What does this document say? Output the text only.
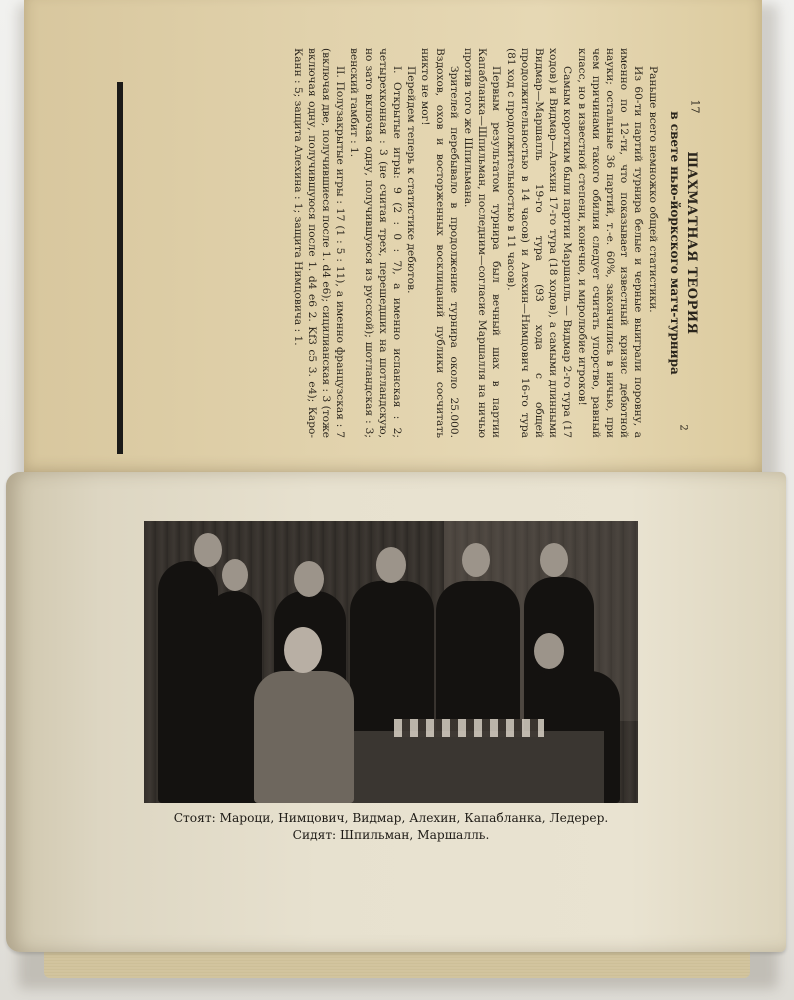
ШАХМАТНАЯ ТЕОРИЯ
в свете нью-йоркского матч-турнира

Раньше всего немножко общей статистики.

Из 60-ти партий турнира белые и черные выиграли поровну, а именно по 12-ти, что показывает известный кризис дебютной науки; остальные 36 партий, т.-е. 60%, закончились в ничью, при чем причинами такого обилия следует считать упорство, равный класс, но в известной степени, конечно, и миролюбие игроков!

Самым коротким были партии Маршалль — Видмар 2-го тура (17 ходов) и Видмар—Алехин 17-го тура (18 ходов), а самыми длинными Видмар—Маршалль 19-го тура (93 хода с общей продолжительностью в 14 часов) и Алехин—Нимцович 16-го тура (81 ход с продолжительностью в 11 часов).

Первым результатом турнира был вечный шах в партии Капабланка—Шпильман, последним—согласие Маршалля на ничью против того же Шпильмана.

Зрителей перебывало в продолжение турнира около 25.000. Вздохов, охов и восторженных восклицаний публики сосчитать никто не мог!

Перейдем теперь к статистике дебютов.

I. Открытые игры: 9 (2 : 0 : 7), а именно испанская : 2; четырехконная : 3 (не считая трех, перешедших на шотландскую, но зато включая одну, получившуюся из русской); шотландская : 3; венский гамбит : 1.

II. Полузакрытые игры : 17 (1 : 5 : 11), а именно французская : 7 (включая две, получившиеся после 1. d4 e6); сицилианская : 3 (тоже включая одну, получившуюся после 1. d4 e6 2. Kf3 c5 3. e4); Каро-Канн : 5; защита Алехина : 1; защита Нимцовича : 1.	17
2
Стоят: Мароци, Нимцович, Видмар, Алехин, Капабланка, Ледерер.
Сидят: Шпильман, Маршалль.
